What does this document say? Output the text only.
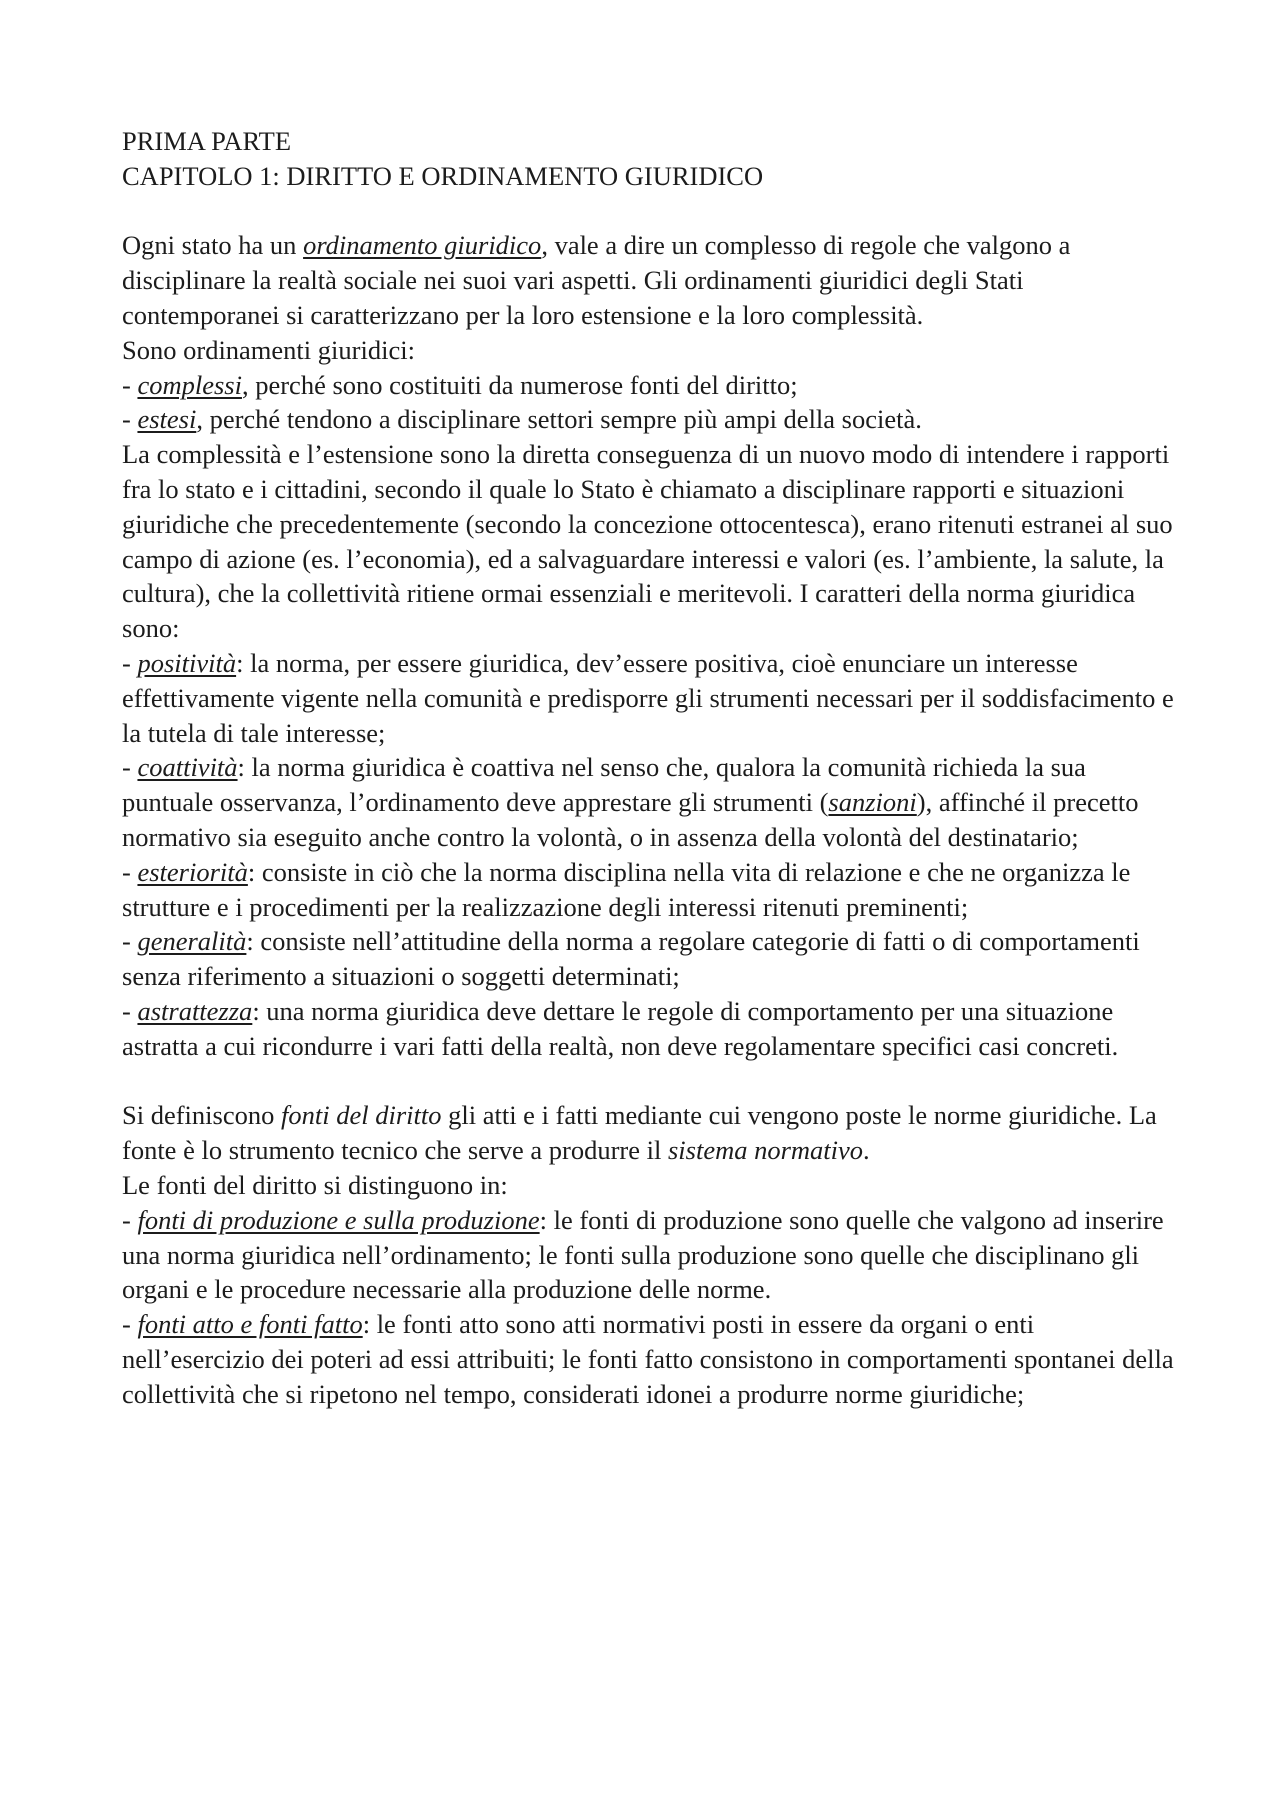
PRIMA PARTE

CAPITOLO 1: DIRITTO E ORDINAMENTO GIURIDICO

Ogni stato ha un ordinamento giuridico, vale a dire un complesso di regole che valgono a disciplinare la realtà sociale nei suoi vari aspetti. Gli ordinamenti giuridici degli Stati contemporanei si caratterizzano per la loro estensione e la loro complessità.

Sono ordinamenti giuridici:

- complessi, perché sono costituiti da numerose fonti del diritto;

- estesi, perché tendono a disciplinare settori sempre più ampi della società.

La complessità e l’estensione sono la diretta conseguenza di un nuovo modo di intendere i rapporti fra lo stato e i cittadini, secondo il quale lo Stato è chiamato a disciplinare rapporti e situazioni giuridiche che precedentemente (secondo la concezione ottocentesca), erano ritenuti estranei al suo campo di azione (es. l’economia), ed a salvaguardare interessi e valori (es. l’ambiente, la salute, la cultura), che la collettività ritiene ormai essenziali e meritevoli. I caratteri della norma giuridica sono:

- positività: la norma, per essere giuridica, dev’essere positiva, cioè enunciare un interesse effettivamente vigente nella comunità e predisporre gli strumenti necessari per il soddisfacimento e la tutela di tale interesse;

- coattività: la norma giuridica è coattiva nel senso che, qualora la comunità richieda la sua puntuale osservanza, l’ordinamento deve apprestare gli strumenti (sanzioni), affinché il precetto normativo sia eseguito anche contro la volontà, o in assenza della volontà del destinatario;

- esteriorità: consiste in ciò che la norma disciplina nella vita di relazione e che ne organizza le strutture e i procedimenti per la realizzazione degli interessi ritenuti preminenti;

- generalità: consiste nell’attitudine della norma a regolare categorie di fatti o di comportamenti senza riferimento a situazioni o soggetti determinati;

- astrattezza: una norma giuridica deve dettare le regole di comportamento per una situazione astratta a cui ricondurre i vari fatti della realtà, non deve regolamentare specifici casi concreti.

Si definiscono fonti del diritto gli atti e i fatti mediante cui vengono poste le norme giuridiche. La fonte è lo strumento tecnico che serve a produrre il sistema normativo.

Le fonti del diritto si distinguono in:

- fonti di produzione e sulla produzione: le fonti di produzione sono quelle che valgono ad inserire una norma giuridica nell’ordinamento; le fonti sulla produzione sono quelle che disciplinano gli organi e le procedure necessarie alla produzione delle norme.

- fonti atto e fonti fatto: le fonti atto sono atti normativi posti in essere da organi o enti nell’esercizio dei poteri ad essi attribuiti; le fonti fatto consistono in comportamenti spontanei della collettività che si ripetono nel tempo, considerati idonei a produrre norme giuridiche;
